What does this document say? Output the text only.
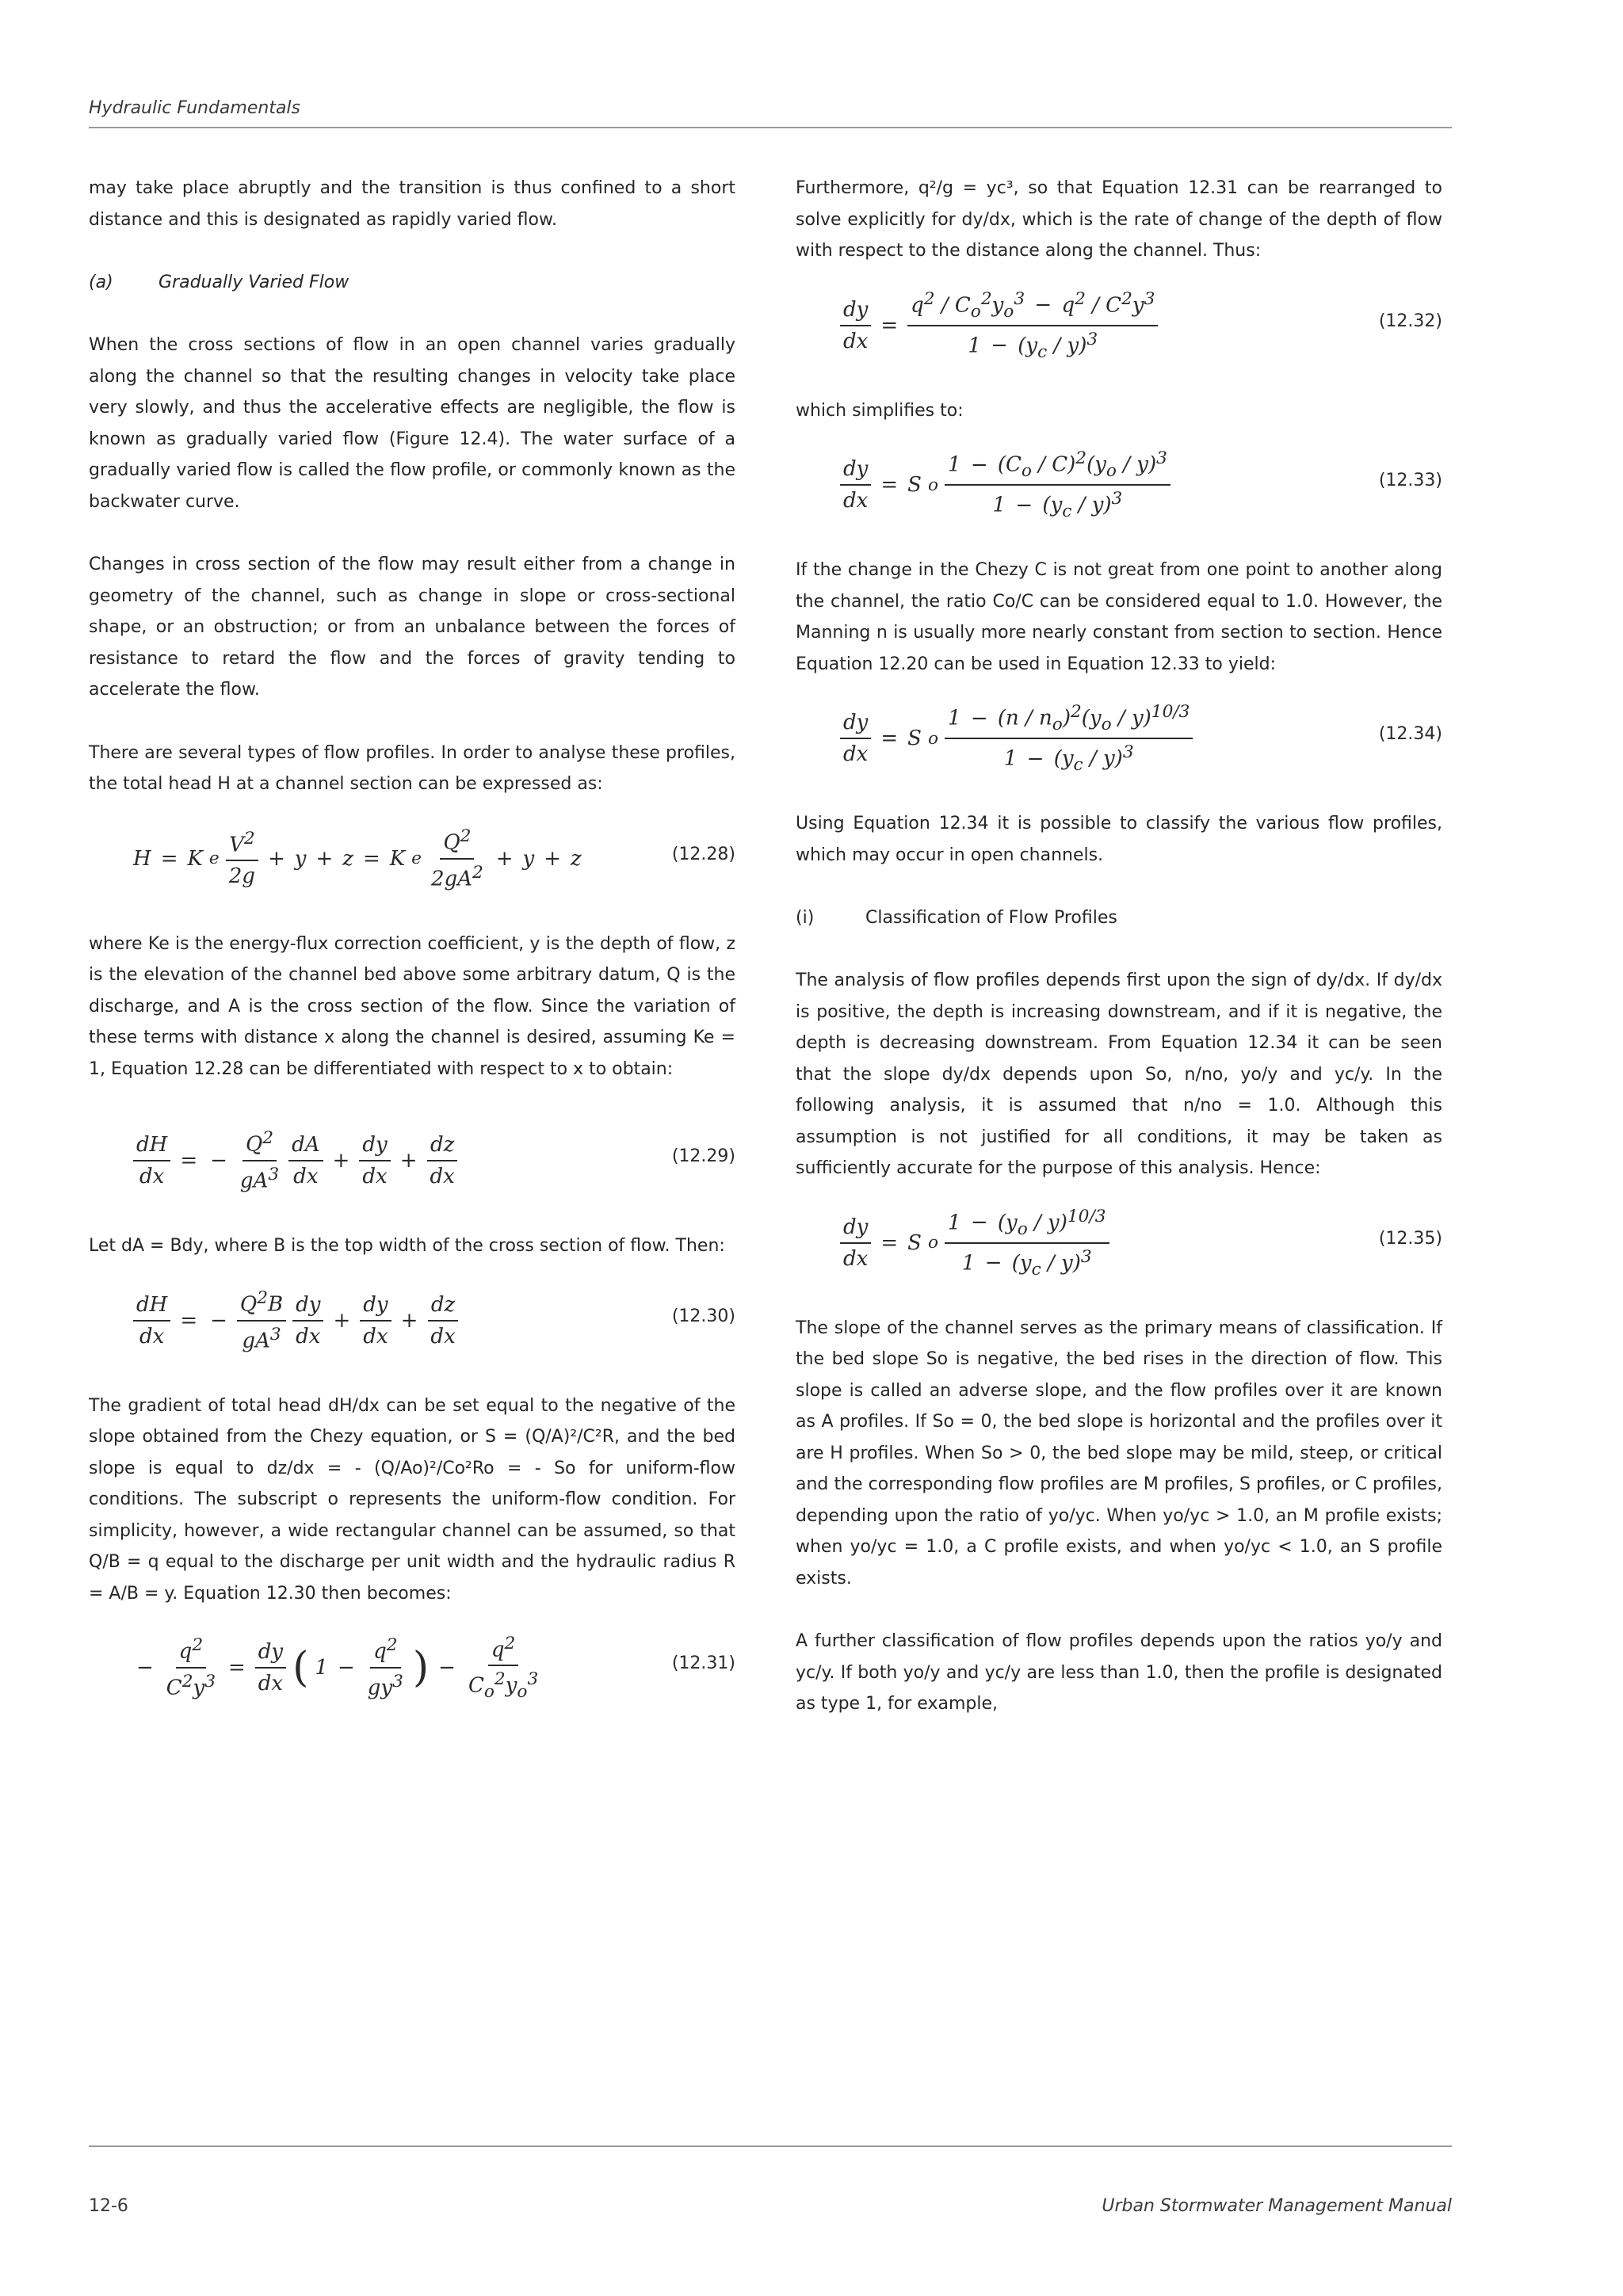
Hydraulic Fundamentals

may take place abruptly and the transition is thus confined to a short distance and this is designated as rapidly varied flow.

(a)	Gradually Varied Flow

When the cross sections of flow in an open channel varies gradually along the channel so that the resulting changes in velocity take place very slowly, and thus the accelerative effects are negligible, the flow is known as gradually varied flow (Figure 12.4). The water surface of a gradually varied flow is called the flow profile, or commonly known as the backwater curve.

Changes in cross section of the flow may result either from a change in geometry of the channel, such as change in slope or cross-sectional shape, or an obstruction; or from an unbalance between the forces of resistance to retard the flow and the forces of gravity tending to accelerate the flow.

There are several types of flow profiles. In order to analyse these profiles, the total head H at a channel section can be expressed as:

H = K e $\frac{V^2}{2g} + y + z = K$ e $\frac{Q^2}{2gA^2} + y + z$	(12.28)

where Ke is the energy-flux correction coefficient, y is the depth of flow, z is the elevation of the channel bed above some arbitrary datum, Q is the discharge, and A is the cross section of the flow. Since the variation of these terms with distance x along the channel is desired, assuming Ke = 1, Equation 12.28 can be differentiated with respect to x to obtain:

$\frac{dH}{dx}$ = − $\frac{Q^2}{gA^3} \frac{dA}{dx} + \frac{dy}{dx} + \frac{dz}{dx}$	(12.29)

Let dA = Bdy, where B is the top width of the cross section of flow. Then:

$\frac{dH}{dx}$ = − $\frac{Q^2B}{gA^3} \frac{dy}{dx} + \frac{dy}{dx} + \frac{dz}{dx}$	(12.30)

The gradient of total head dH/dx can be set equal to the negative of the slope obtained from the Chezy equation, or S = (Q/A)²/C²R, and the bed slope is equal to dz/dx = - (Q/Ao)²/Co²Ro = - So for uniform-flow conditions. The subscript o represents the uniform-flow condition. For simplicity, however, a wide rectangular channel can be assumed, so that Q/B = q equal to the discharge per unit width and the hydraulic radius R = A/B = y. Equation 12.30 then becomes:

− $\frac{q^2}{C^2y^3} = \frac{dy}{dx}$ ( $1 - \frac{q^2}{gy^3}$ ) − $\frac{q^2}{C_o^2y_o^3}$	(12.31)

Furthermore, q²/g = yc³, so that Equation 12.31 can be rearranged to solve explicitly for dy/dx, which is the rate of change of the depth of flow with respect to the distance along the channel. Thus:

$\frac{dy}{dx} = \frac{q^2 / C_o^2y_o^3 - q^2 / C^2y^3}{1 - (y_c / y)^3}$	(12.32)

which simplifies to:

$\frac{dy}{dx} = S$ o $\frac{1 - (C_o / C)^2(y_o / y)^3}{1 - (y_c / y)^3}$	(12.33)

If the change in the Chezy C is not great from one point to another along the channel, the ratio Co/C can be considered equal to 1.0. However, the Manning n is usually more nearly constant from section to section. Hence Equation 12.20 can be used in Equation 12.33 to yield:

$\frac{dy}{dx} = S$ o $\frac{1 - (n / n_o)^2(y_o / y)^{10/3}}{1 - (y_c / y)^3}$	(12.34)

Using Equation 12.34 it is possible to classify the various flow profiles, which may occur in open channels.

(i)	Classification of Flow Profiles

The analysis of flow profiles depends first upon the sign of dy/dx. If dy/dx is positive, the depth is increasing downstream, and if it is negative, the depth is decreasing downstream. From Equation 12.34 it can be seen that the slope dy/dx depends upon So, n/no, yo/y and yc/y. In the following analysis, it is assumed that n/no = 1.0. Although this assumption is not justified for all conditions, it may be taken as sufficiently accurate for the purpose of this analysis. Hence:

$\frac{dy}{dx} = S$ o $\frac{1 - (y_o / y)^{10/3}}{1 - (y_c / y)^3}$	(12.35)

The slope of the channel serves as the primary means of classification. If the bed slope So is negative, the bed rises in the direction of flow. This slope is called an adverse slope, and the flow profiles over it are known as A profiles. If So = 0, the bed slope is horizontal and the profiles over it are H profiles. When So > 0, the bed slope may be mild, steep, or critical and the corresponding flow profiles are M profiles, S profiles, or C profiles, depending upon the ratio of yo/yc. When yo/yc > 1.0, an M profile exists; when yo/yc = 1.0, a C profile exists, and when yo/yc < 1.0, an S profile exists.

A further classification of flow profiles depends upon the ratios yo/y and yc/y. If both yo/y and yc/y are less than 1.0, then the profile is designated as type 1, for example,

12-6	Urban Stormwater Management Manual
